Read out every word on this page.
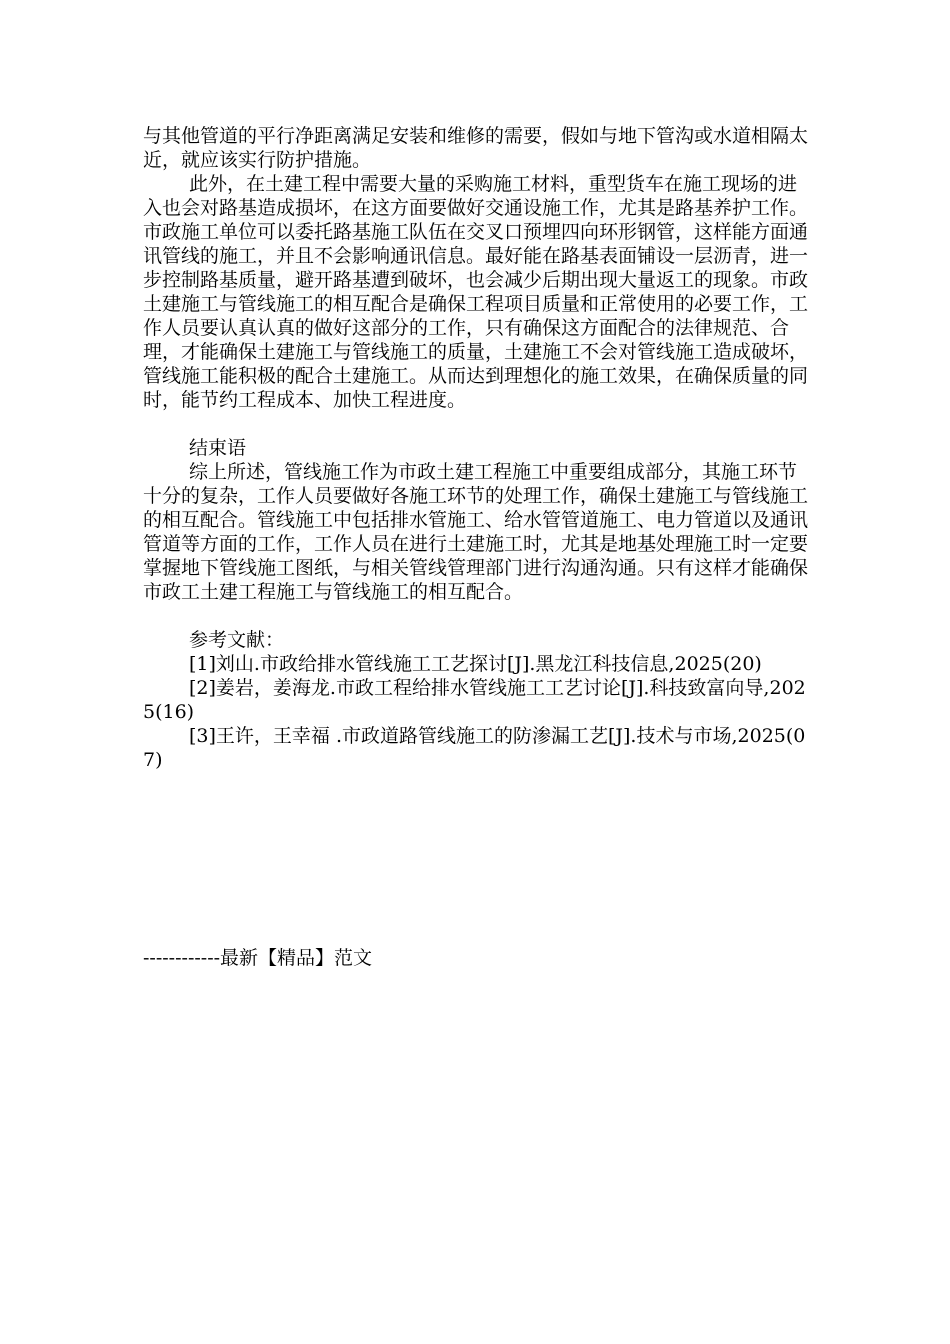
与其他管道的平行净距离满足安装和维修的需要，假如与地下管沟或水道相隔太近，就应该实行防护措施。

此外，在土建工程中需要大量的采购施工材料，重型货车在施工现场的进入也会对路基造成损坏，在这方面要做好交通设施工作，尤其是路基养护工作。市政施工单位可以委托路基施工队伍在交叉口预埋四向环形钢管，这样能方面通讯管线的施工，并且不会影响通讯信息。最好能在路基表面铺设一层沥青，进一步控制路基质量，避开路基遭到破坏，也会减少后期出现大量返工的现象。市政土建施工与管线施工的相互配合是确保工程项目质量和正常使用的必要工作，工作人员要认真认真的做好这部分的工作，只有确保这方面配合的法律规范、合理，才能确保土建施工与管线施工的质量，土建施工不会对管线施工造成破坏，管线施工能积极的配合土建施工。从而达到理想化的施工效果，在确保质量的同时，能节约工程成本、加快工程进度。

结束语

综上所述，管线施工作为市政土建工程施工中重要组成部分，其施工环节十分的复杂，工作人员要做好各施工环节的处理工作，确保土建施工与管线施工的相互配合。管线施工中包括排水管施工、给水管管道施工、电力管道以及通讯管道等方面的工作，工作人员在进行土建施工时，尤其是地基处理施工时一定要掌握地下管线施工图纸，与相关管线管理部门进行沟通沟通。只有这样才能确保市政工土建工程施工与管线施工的相互配合。

参考文献：

[1]刘山.市政给排水管线施工工艺探讨[J].黑龙江科技信息,2025(20)

[2]姜岩，姜海龙.市政工程给排水管线施工工艺讨论[J].科技致富向导,2025(16)

[3]王许，王幸福 .市政道路管线施工的防渗漏工艺[J].技术与市场,2025(07)

------------最新【精品】范文
